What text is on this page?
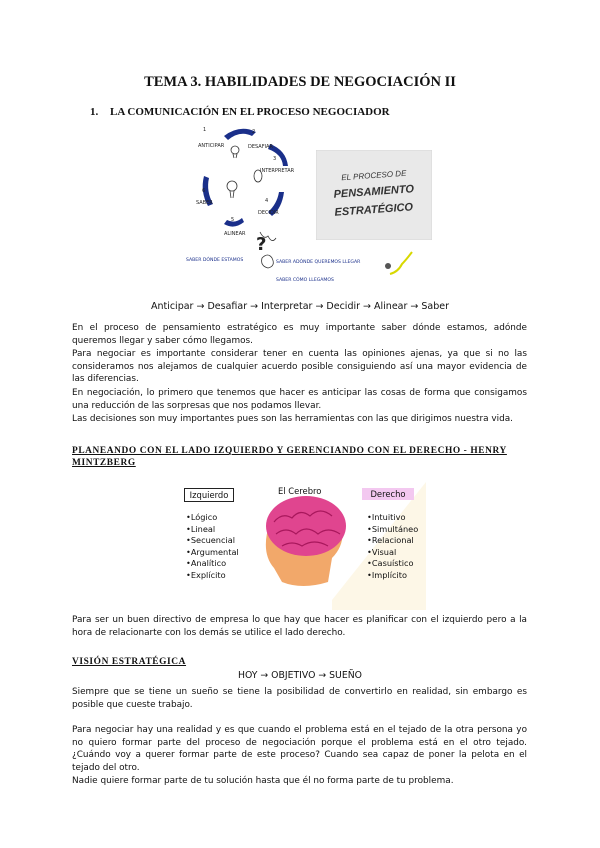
TEMA 3. HABILIDADES DE NEGOCIACIÓN II
1. LA COMUNICACIÓN EN EL PROCESO NEGOCIADOR
1
ANTICIPAR
2
DESAFIAR
3
INTERPRETAR
4
DECIDIR
5
ALINEAR
6
SABER
?
SABER DÓNDE ESTAMOS	SABER ADÓNDE QUEREMOS LLEGAR
SABER CÓMO LLEGAMOS
EL PROCESO DE
PENSAMIENTO
ESTRATÉGICO
Anticipar → Desafiar → Interpretar → Decidir → Alinear → Saber
En el proceso de pensamiento estratégico es muy importante saber dónde estamos, adónde queremos llegar y saber cómo llegamos.
Para negociar es importante considerar tener en cuenta las opiniones ajenas, ya que si no las consideramos nos alejamos de cualquier acuerdo posible consiguiendo así una mayor evidencia de las diferencias.
En negociación, lo primero que tenemos que hacer es anticipar las cosas de forma que consigamos una reducción de las sorpresas que nos podamos llevar.
Las decisiones son muy importantes pues son las herramientas con las que dirigimos nuestra vida.
PLANEANDO CON EL LADO IZQUIERDO Y GERENCIANDO CON EL DERECHO - HENRY MINTZBERG
Izquierdo	El Cerebro	Derecho
•Lógico
•Lineal
•Secuencial
•Argumental
•Analítico
•Explícito
•Intuitivo
•Simultáneo
•Relacional
•Visual
•Casuístico
•Implícito
Para ser un buen directivo de empresa lo que hay que hacer es planificar con el izquierdo pero a la hora de relacionarte con los demás se utilice el lado derecho.
VISIÓN ESTRATÉGICA
HOY → OBJETIVO → SUEÑO
Siempre que se tiene un sueño se tiene la posibilidad de convertirlo en realidad, sin embargo es posible que cueste trabajo.
Para negociar hay una realidad y es que cuando el problema está en el tejado de la otra persona yo no quiero formar parte del proceso de negociación porque el problema está en el otro tejado. ¿Cuándo voy a querer formar parte de este proceso? Cuando sea capaz de poner la pelota en el tejado del otro.
Nadie quiere formar parte de tu solución hasta que él no forma parte de tu problema.
